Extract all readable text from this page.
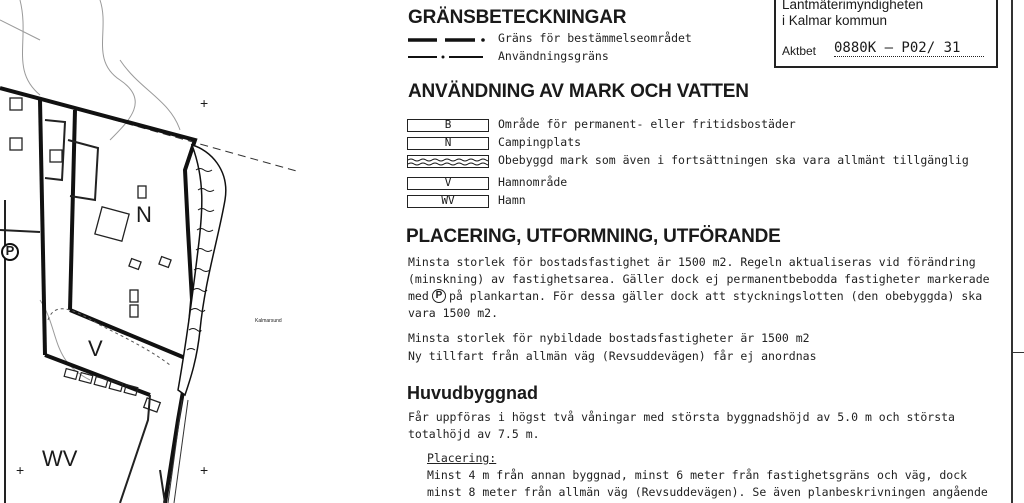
P
N
V
WV
Kalmarsund
+
+
+
Lantmäterimyndigheten
i Kalmar kommun
Aktbet 0880K – P02/ 31
GRÄNSBETECKNINGAR
Gräns för bestämmelseområdet
Användningsgräns
ANVÄNDNING AV MARK OCH VATTEN
B	Område för permanent- eller fritidsbostäder
N	Campingplats
Obebyggd mark som även i fortsättningen ska vara allmänt tillgänglig
V	Hamnområde
WV	Hamn
PLACERING, UTFORMNING, UTFÖRANDE
Minsta storlek för bostadsfastighet är 1500 m2. Regeln aktualiseras vid förändring
(minskning) av fastighetsarea. Gäller dock ej permanentbebodda fastigheter markerade
med P på plankartan. För dessa gäller dock att styckningslotten (den obebyggda) ska
vara 1500 m2.
Minsta storlek för nybildade bostadsfastigheter är 1500 m2
Ny tillfart från allmän väg (Revsuddevägen) får ej anordnas
Huvudbyggnad
Får uppföras i högst två våningar med största byggnadshöjd av 5.0 m och största
totalhöjd av 7.5 m.
Placering:
Minst 4 m från annan byggnad, minst 6 meter från fastighetsgräns och väg, dock
minst 8 meter från allmän väg (Revsuddevägen). Se även planbeskrivningen angående
